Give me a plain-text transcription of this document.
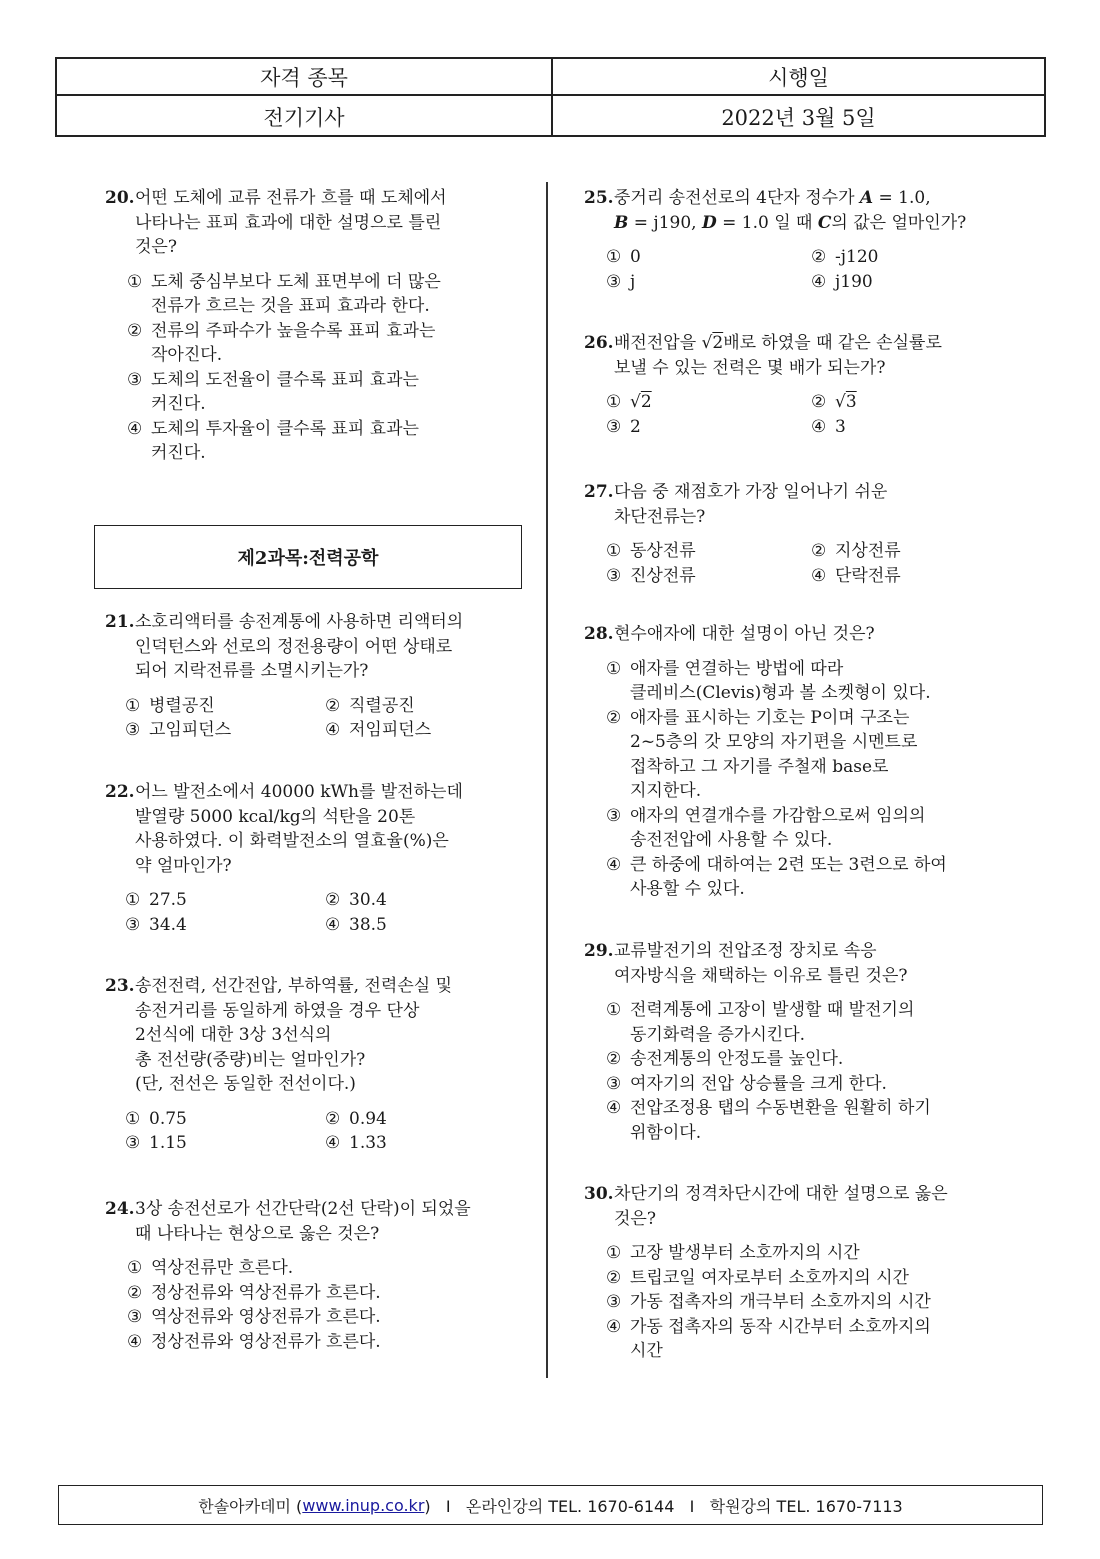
자격 종목	시행일
전기기사	2022년 3월 5일
20. 어떤 도체에 교류 전류가 흐를 때 도체에서
나타나는 표피 효과에 대한 설명으로 틀린
것은?
① 도체 중심부보다 도체 표면부에 더 많은
전류가 흐르는 것을 표피 효과라 한다.
② 전류의 주파수가 높을수록 표피 효과는
작아진다.
③ 도체의 도전율이 클수록 표피 효과는
커진다.
④ 도체의 투자율이 클수록 표피 효과는
커진다.
제2과목:전력공학
21. 소호리액터를 송전계통에 사용하면 리액터의
인덕턴스와 선로의 정전용량이 어떤 상태로
되어 지락전류를 소멸시키는가?
① 병렬공진	② 직렬공진
③ 고임피던스	④ 저임피던스
22. 어느 발전소에서 40000 kWh를 발전하는데
발열량 5000 kcal/kg의 석탄을 20톤
사용하였다. 이 화력발전소의 열효율(%)은
약 얼마인가?
① 27.5	② 30.4
③ 34.4	④ 38.5
23. 송전전력, 선간전압, 부하역률, 전력손실 및
송전거리를 동일하게 하였을 경우 단상
2선식에 대한 3상 3선식의
총 전선량(중량)비는 얼마인가?
(단, 전선은 동일한 전선이다.)
① 0.75	② 0.94
③ 1.15	④ 1.33
24. 3상 송전선로가 선간단락(2선 단락)이 되었을
때 나타나는 현상으로 옳은 것은?
① 역상전류만 흐른다.
② 정상전류와 역상전류가 흐른다.
③ 역상전류와 영상전류가 흐른다.
④ 정상전류와 영상전류가 흐른다.
25. 중거리 송전선로의 4단자 정수가 A = 1.0,
B = j190, D = 1.0 일 때 C의 값은 얼마인가?
① 0	② -j120
③ j	④ j190
26. 배전전압을 √2배로 하였을 때 같은 손실률로
보낼 수 있는 전력은 몇 배가 되는가?
① √2	② √3
③ 2	④ 3
27. 다음 중 재점호가 가장 일어나기 쉬운
차단전류는?
① 동상전류	② 지상전류
③ 진상전류	④ 단락전류
28. 현수애자에 대한 설명이 아닌 것은?
① 애자를 연결하는 방법에 따라
클레비스(Clevis)형과 볼 소켓형이 있다.
② 애자를 표시하는 기호는 P이며 구조는
2~5층의 갓 모양의 자기편을 시멘트로
접착하고 그 자기를 주철재 base로
지지한다.
③ 애자의 연결개수를 가감함으로써 임의의
송전전압에 사용할 수 있다.
④ 큰 하중에 대하여는 2련 또는 3련으로 하여
사용할 수 있다.
29. 교류발전기의 전압조정 장치로 속응
여자방식을 채택하는 이유로 틀린 것은?
① 전력계통에 고장이 발생할 때 발전기의
동기화력을 증가시킨다.
② 송전계통의 안정도를 높인다.
③ 여자기의 전압 상승률을 크게 한다.
④ 전압조정용 탭의 수동변환을 원활히 하기
위함이다.
30. 차단기의 정격차단시간에 대한 설명으로 옳은
것은?
① 고장 발생부터 소호까지의 시간
② 트립코일 여자로부터 소호까지의 시간
③ 가동 접촉자의 개극부터 소호까지의 시간
④ 가동 접촉자의 동작 시간부터 소호까지의
시간
한솔아카데미 ( www.inup.co.kr )   I   온라인강의 TEL. 1670-6144   I   학원강의 TEL. 1670-7113
